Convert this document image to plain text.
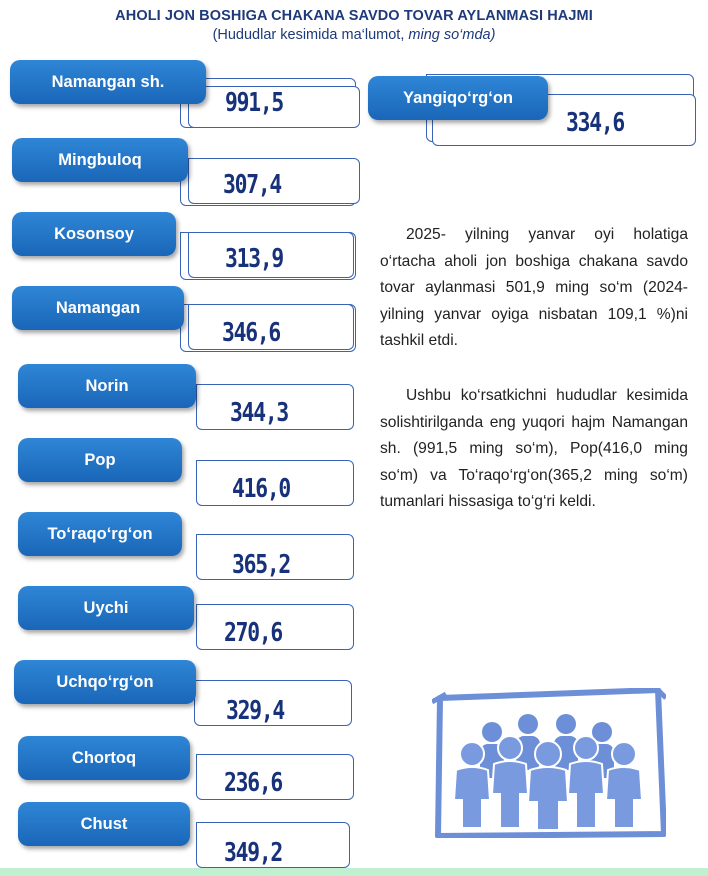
AHOLI JON BOSHIGA CHAKANA SAVDO TOVAR AYLANMASI HAJMI
(Hududlar kesimida ma‘lumot, ming so‘mda)
Namangan sh.
991,5
Mingbuloq
307,4
Kosonsoy
313,9
Namangan
346,6
Norin
344,3
Pop
416,0
To‘raqo‘rg‘on
365,2
Uychi
270,6
Uchqo‘rg‘on
329,4
Chortoq
236,6
Chust
349,2
Yangiqo‘rg‘on
334,6
2025- yilning yanvar oyi holatiga o‘rtacha aholi jon boshiga chakana savdo tovar aylanmasi 501,9 ming so‘m (2024- yilning yanvar oyiga nisbatan 109,1 %)ni tashkil etdi.
Ushbu ko‘rsatkichni hududlar kesimida solishtirilganda eng yuqori hajm Namangan sh. (991,5 ming so‘m), Pop(416,0 ming so‘m) va To‘raqo‘rg‘on(365,2 ming so‘m) tumanlari hissasiga to‘g‘ri keldi.
